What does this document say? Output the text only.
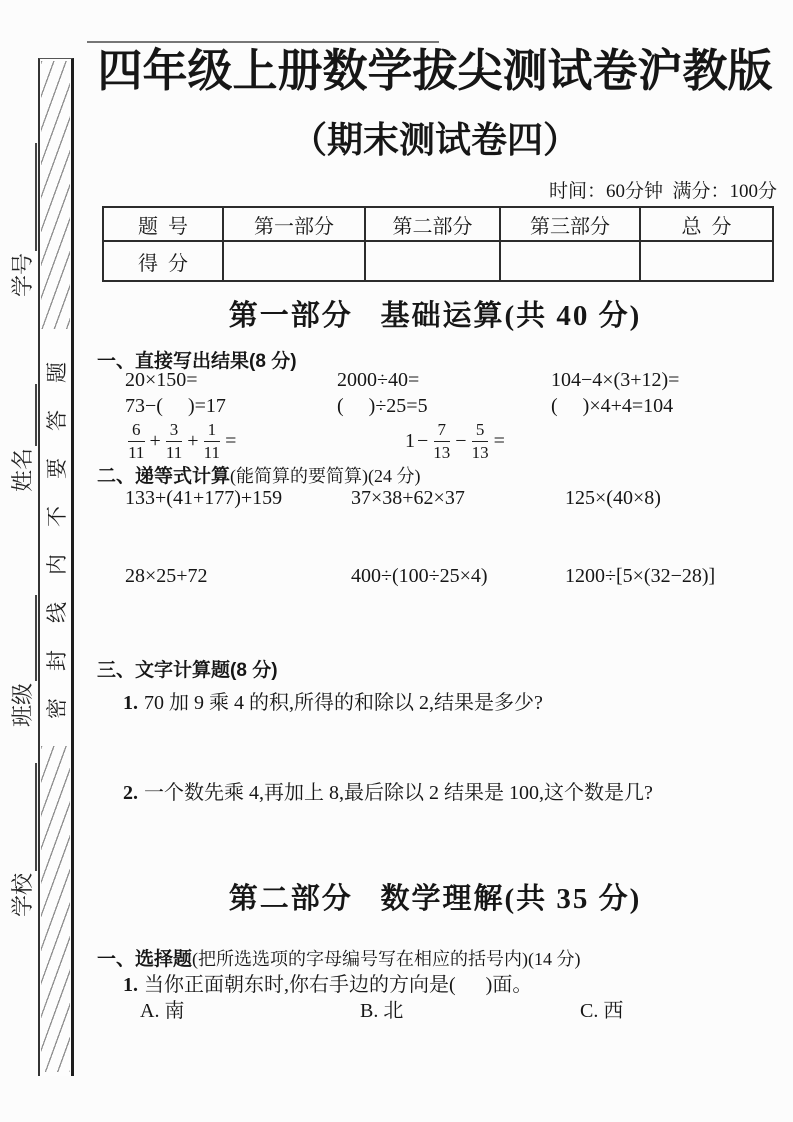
学号
姓名
班级
学校
密封线内不要答题
四年级上册数学拔尖测试卷沪教版
（期末测试卷四）
时间：60分钟  满分：100分
题  号	第一部分	第二部分	第三部分	总  分
得  分				
第一部分   基础运算(共 40 分)
一、直接写出结果(8 分)
20×150=	2000÷40=	104−4×(3+12)=
73−(     )=17	(     )÷25=5	(     )×4+4=104
$\frac{6}{11} + \frac{3}{11} + \frac{1}{11}$ =	$1 - \frac{7}{13} - \frac{5}{13}$ =
二、递等式计算(能简算的要简算)(24 分)
133+(41+177)+159	37×38+62×37	125×(40×8)
28×25+72	400÷(100÷25×4)	1200÷[5×(32−28)]
三、文字计算题(8 分)
1. 70 加 9 乘 4 的积,所得的和除以 2,结果是多少?
2. 一个数先乘 4,再加上 8,最后除以 2 结果是 100,这个数是几?
第二部分   数学理解(共 35 分)
一、选择题(把所选选项的字母编号写在相应的括号内)(14 分)
1. 当你正面朝东时,你右手边的方向是(      )面。
A. 南	B. 北	C. 西
